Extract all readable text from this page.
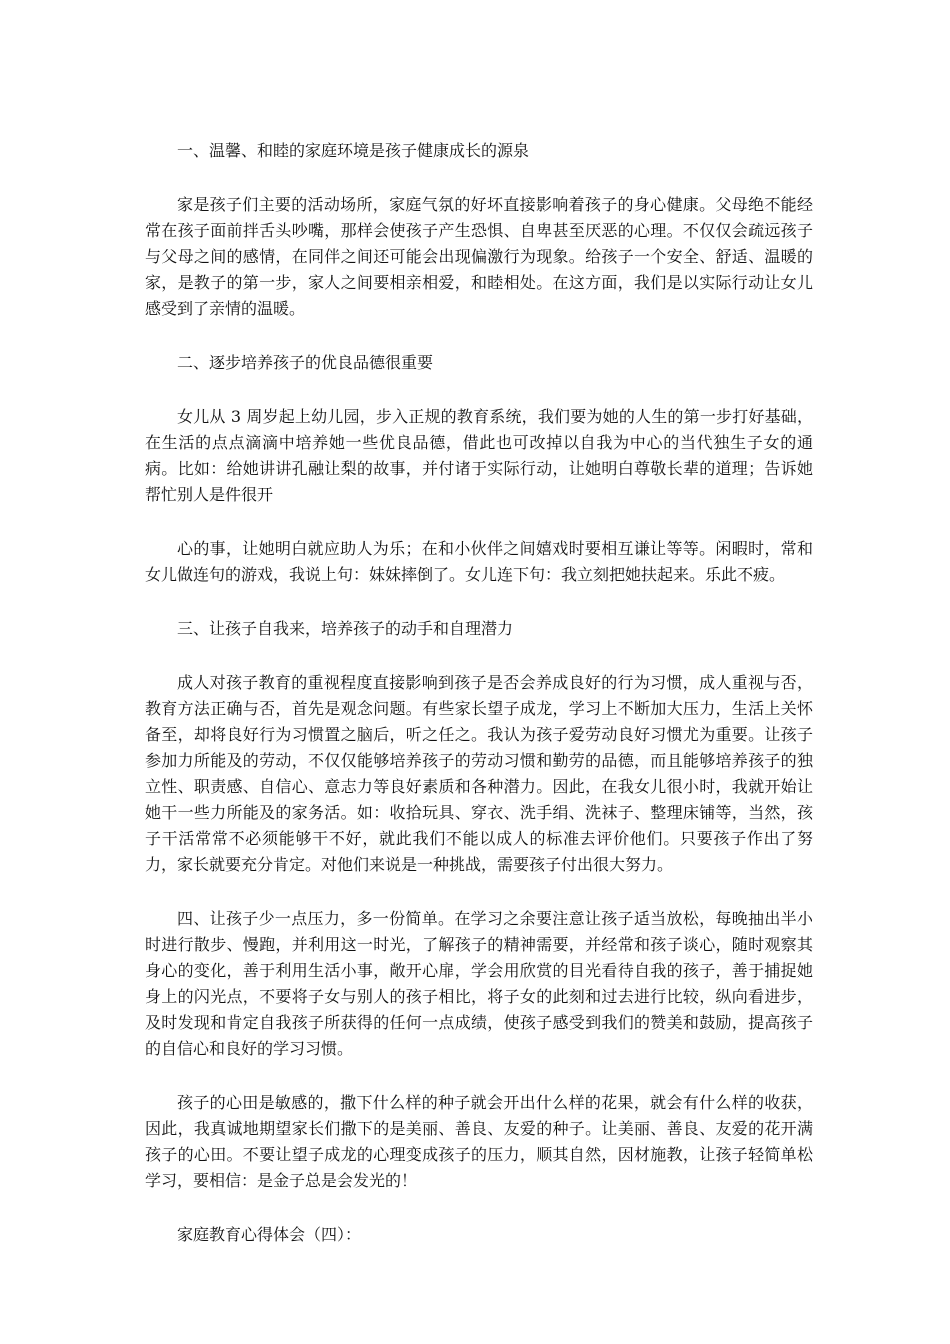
一、温馨、和睦的家庭环境是孩子健康成长的源泉

家是孩子们主要的活动场所，家庭气氛的好坏直接影响着孩子的身心健康。父母绝不能经常在孩子面前拌舌头吵嘴，那样会使孩子产生恐惧、自卑甚至厌恶的心理。不仅仅会疏远孩子与父母之间的感情，在同伴之间还可能会出现偏激行为现象。给孩子一个安全、舒适、温暖的家，是教子的第一步，家人之间要相亲相爱，和睦相处。在这方面，我们是以实际行动让女儿感受到了亲情的温暖。

二、逐步培养孩子的优良品德很重要

女儿从 3 周岁起上幼儿园，步入正规的教育系统，我们要为她的人生的第一步打好基础，在生活的点点滴滴中培养她一些优良品德，借此也可改掉以自我为中心的当代独生子女的通病。比如：给她讲讲孔融让梨的故事，并付诸于实际行动，让她明白尊敬长辈的道理；告诉她帮忙别人是件很开

心的事，让她明白就应助人为乐；在和小伙伴之间嬉戏时要相互谦让等等。闲暇时，常和女儿做连句的游戏，我说上句：妹妹摔倒了。女儿连下句：我立刻把她扶起来。乐此不疲。

三、让孩子自我来，培养孩子的动手和自理潜力

成人对孩子教育的重视程度直接影响到孩子是否会养成良好的行为习惯，成人重视与否，教育方法正确与否，首先是观念问题。有些家长望子成龙，学习上不断加大压力，生活上关怀备至，却将良好行为习惯置之脑后，听之任之。我认为孩子爱劳动良好习惯尤为重要。让孩子参加力所能及的劳动，不仅仅能够培养孩子的劳动习惯和勤劳的品德，而且能够培养孩子的独立性、职责感、自信心、意志力等良好素质和各种潜力。因此，在我女儿很小时，我就开始让她干一些力所能及的家务活。如：收拾玩具、穿衣、洗手绢、洗袜子、整理床铺等，当然，孩子干活常常不必须能够干不好，就此我们不能以成人的标准去评价他们。只要孩子作出了努力，家长就要充分肯定。对他们来说是一种挑战，需要孩子付出很大努力。

四、让孩子少一点压力，多一份简单。在学习之余要注意让孩子适当放松，每晚抽出半小时进行散步、慢跑，并利用这一时光，了解孩子的精神需要，并经常和孩子谈心，随时观察其身心的变化，善于利用生活小事，敞开心扉，学会用欣赏的目光看待自我的孩子，善于捕捉她身上的闪光点，不要将子女与别人的孩子相比，将子女的此刻和过去进行比较，纵向看进步，及时发现和肯定自我孩子所获得的任何一点成绩，使孩子感受到我们的赞美和鼓励，提高孩子的自信心和良好的学习习惯。

孩子的心田是敏感的，撒下什么样的种子就会开出什么样的花果，就会有什么样的收获，因此，我真诚地期望家长们撒下的是美丽、善良、友爱的种子。让美丽、善良、友爱的花开满孩子的心田。不要让望子成龙的心理变成孩子的压力，顺其自然，因材施教，让孩子轻简单松学习，要相信：是金子总是会发光的！

家庭教育心得体会（四）：
